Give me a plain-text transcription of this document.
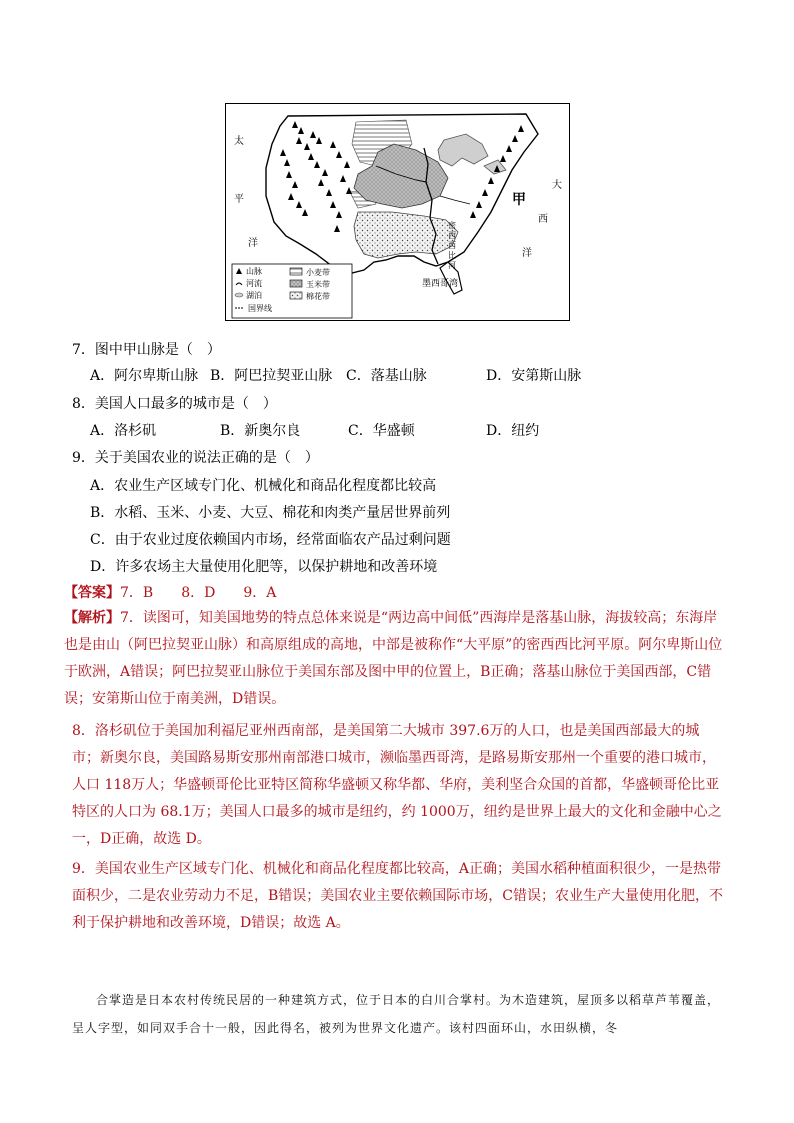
太
平
洋
大
西
洋
甲
密
西
西
比
河
墨西哥湾
山脉
河流
湖泊
国界线
小麦带
玉米带
棉花带
7．图中甲山脉是（　）
A．阿尔卑斯山脉 B．阿巴拉契亚山脉 C．落基山脉	D．安第斯山脉
8．美国人口最多的城市是（　）
A．洛杉矶	B．新奥尔良	C．华盛顿	D．纽约
9．关于美国农业的说法正确的是（　）
A．农业生产区域专门化、机械化和商品化程度都比较高
B．水稻、玉米、小麦、大豆、棉花和肉类产量居世界前列
C．由于农业过度依赖国内市场，经常面临农产品过剩问题
D．许多农场主大量使用化肥等，以保护耕地和改善环境
【答案】7．B　　8．D　　9．A
【解析】7．读图可，知美国地势的特点总体来说是“两边高中间低”西海岸是落基山脉，海拔较高；东海岸也是由山（阿巴拉契亚山脉）和高原组成的高地，中部是被称作“大平原”的密西西比河平原。阿尔卑斯山位于欧洲，A错误；阿巴拉契亚山脉位于美国东部及图中甲的位置上，B正确；落基山脉位于美国西部，C错误；安第斯山位于南美洲，D错误。
8．洛杉矶位于美国加利福尼亚州西南部，是美国第二大城市 397.6万的人口，也是美国西部最大的城市；新奥尔良，美国路易斯安那州南部港口城市，濒临墨西哥湾，是路易斯安那州一个重要的港口城市，人口 118万人；华盛顿哥伦比亚特区简称华盛顿又称华都、华府，美利坚合众国的首都，华盛顿哥伦比亚特区的人口为 68.1万；美国人口最多的城市是纽约，约 1000万，纽约是世界上最大的文化和金融中心之一，D正确，故选 D。
9．美国农业生产区域专门化、机械化和商品化程度都比较高，A正确；美国水稻种植面积很少，一是热带面积少，二是农业劳动力不足，B错误；美国农业主要依赖国际市场，C错误；农业生产大量使用化肥，不利于保护耕地和改善环境，D错误；故选 A。
合掌造是日本农村传统民居的一种建筑方式，位于日本的白川合掌村。为木造建筑，屋顶多以稻草芦苇覆盖，呈人字型，如同双手合十一般，因此得名，被列为世界文化遗产。该村四面环山，水田纵横，冬
